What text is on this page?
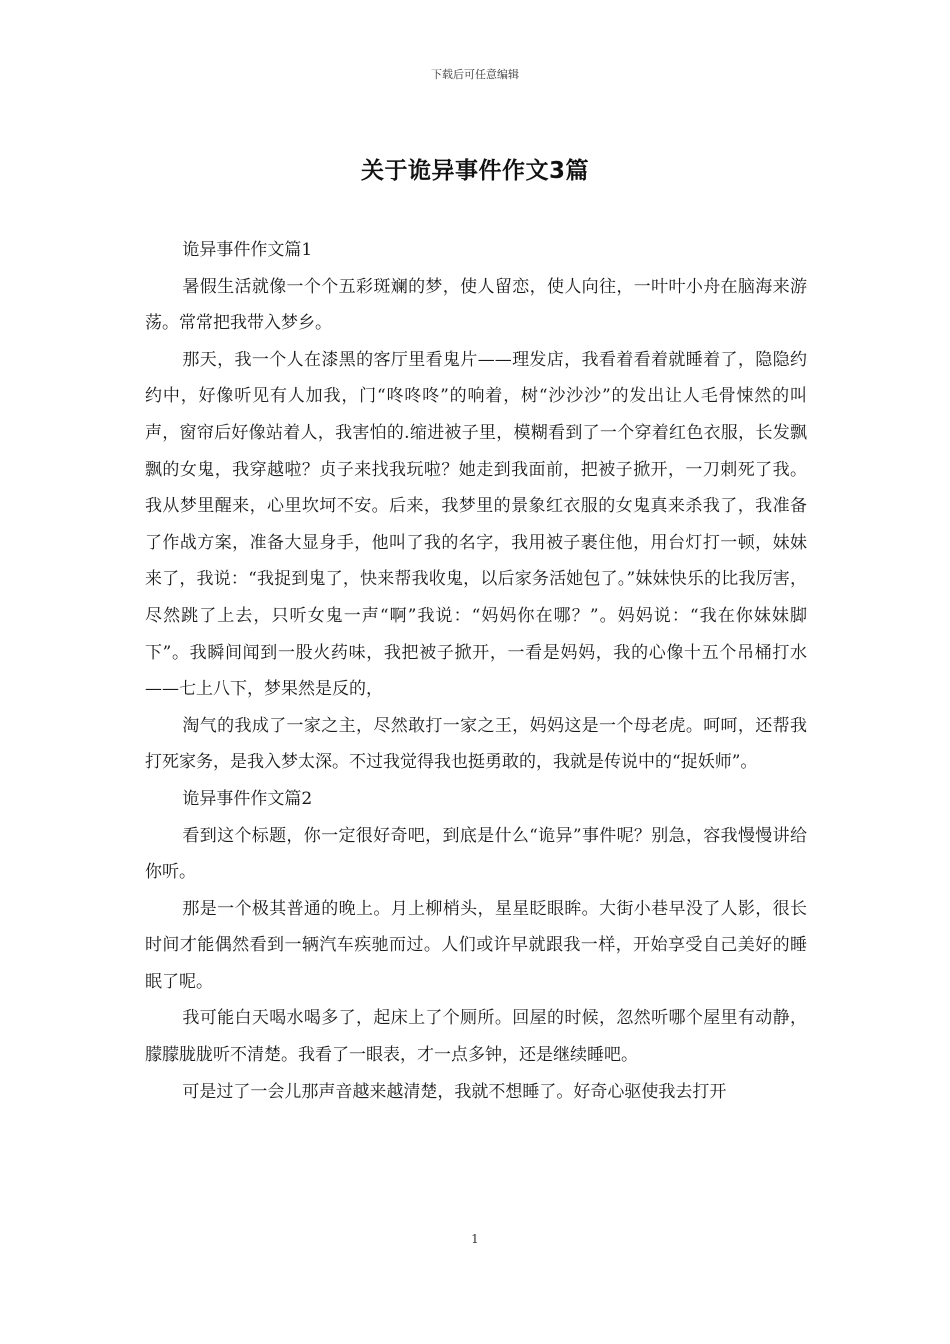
下载后可任意编辑
关于诡异事件作文3篇

诡异事件作文篇1

暑假生活就像一个个五彩斑斓的梦，使人留恋，使人向往，一叶叶小舟在脑海来游荡。常常把我带入梦乡。

那天，我一个人在漆黑的客厅里看鬼片——理发店，我看着看着就睡着了，隐隐约约中，好像听见有人加我，门“咚咚咚”的响着，树“沙沙沙”的发出让人毛骨悚然的叫声，窗帘后好像站着人，我害怕的.缩进被子里，模糊看到了一个穿着红色衣服，长发飘飘的女鬼，我穿越啦？贞子来找我玩啦？她走到我面前，把被子掀开，一刀刺死了我。我从梦里醒来，心里坎坷不安。后来，我梦里的景象红衣服的女鬼真来杀我了，我准备了作战方案，准备大显身手，他叫了我的名字，我用被子裹住他，用台灯打一顿，妹妹来了，我说：“我捉到鬼了，快来帮我收鬼，以后家务活她包了。”妹妹快乐的比我厉害，尽然跳了上去，只听女鬼一声“啊”我说：“妈妈你在哪？”。妈妈说：“我在你妹妹脚下”。我瞬间闻到一股火药味，我把被子掀开，一看是妈妈，我的心像十五个吊桶打水——七上八下，梦果然是反的，

淘气的我成了一家之主，尽然敢打一家之王，妈妈这是一个母老虎。呵呵，还帮我打死家务，是我入梦太深。不过我觉得我也挺勇敢的，我就是传说中的“捉妖师”。

诡异事件作文篇2

看到这个标题，你一定很好奇吧，到底是什么“诡异”事件呢？别急，容我慢慢讲给你听。

那是一个极其普通的晚上。月上柳梢头，星星眨眼眸。大街小巷早没了人影，很长时间才能偶然看到一辆汽车疾驰而过。人们或许早就跟我一样，开始享受自己美好的睡眠了呢。

我可能白天喝水喝多了，起床上了个厕所。回屋的时候，忽然听哪个屋里有动静，朦朦胧胧听不清楚。我看了一眼表，才一点多钟，还是继续睡吧。

可是过了一会儿那声音越来越清楚，我就不想睡了。好奇心驱使我去打开

1
